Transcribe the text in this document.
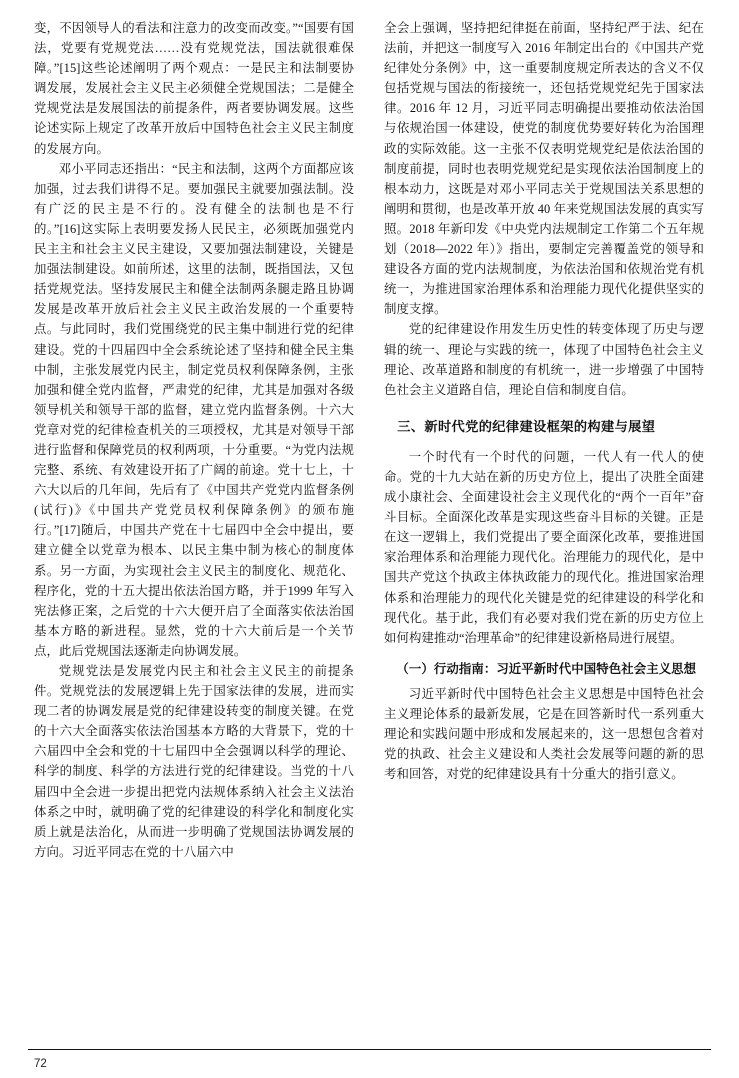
变，不因领导人的看法和注意力的改变而改变。”“国要有国法，党要有党规党法……没有党规党法，国法就很难保障。”[15]这些论述阐明了两个观点：一是民主和法制要协调发展，发展社会主义民主必须健全党规国法；二是健全党规党法是发展国法的前提条件，两者要协调发展。这些论述实际上规定了改革开放后中国特色社会主义民主制度的发展方向。

邓小平同志还指出：“民主和法制，这两个方面都应该加强，过去我们讲得不足。要加强民主就要加强法制。没有广泛的民主是不行的。没有健全的法制也是不行的。”[16]这实际上表明要发扬人民民主，必须既加强党内民主主和社会主义民主建设，又要加强法制建设，关键是加强法制建设。如前所述，这里的法制，既指国法，又包括党规党法。坚持发展民主和健全法制两条腿走路且协调发展是改革开放后社会主义民主政治发展的一个重要特点。与此同时，我们党围绕党的民主集中制进行党的纪律建设。党的十四届四中全会系统论述了坚持和健全民主集中制，主张发展党内民主，制定党员权利保障条例，主张加强和健全党内监督，严肃党的纪律，尤其是加强对各级领导机关和领导干部的监督，建立党内监督条例。十六大党章对党的纪律检查机关的三项授权，尤其是对领导干部进行监督和保障党员的权利两项，十分重要。“为党内法规完整、系统、有效建设开拓了广阔的前途。党十七上，十六大以后的几年间，先后有了《中国共产党党内监督条例(试行)》《中国共产党党员权利保障条例》的颁布施行。”[17]随后，中国共产党在十七届四中全会中提出，要建立健全以党章为根本、以民主集中制为核心的制度体系。另一方面，为实现社会主义民主的制度化、规范化、程序化，党的十五大提出依法治国方略，并于1999 年写入宪法修正案，之后党的十六大便开启了全面落实依法治国基本方略的新进程。显然，党的十六大前后是一个关节点，此后党规国法逐渐走向协调发展。

党规党法是发展党内民主和社会主义民主的前提条件。党规党法的发展逻辑上先于国家法律的发展，进而实现二者的协调发展是党的纪律建设转变的制度关键。在党的十六大全面落实依法治国基本方略的大背景下，党的十六届四中全会和党的十七届四中全会强调以科学的理论、科学的制度、科学的方法进行党的纪律建设。当党的十八届四中全会进一步提出把党内法规体系纳入社会主义法治体系之中时，就明确了党的纪律建设的科学化和制度化实质上就是法治化，从而进一步明确了党规国法协调发展的方向。习近平同志在党的十八届六中

全会上强调，坚持把纪律挺在前面，坚持纪严于法、纪在法前，并把这一制度写入 2016 年制定出台的《中国共产党纪律处分条例》中，这一重要制度规定所表达的含义不仅包括党规与国法的衔接统一，还包括党规党纪先于国家法律。2016 年 12 月，习近平同志明确提出要推动依法治国与依规治国一体建设，使党的制度优势要好转化为治国理政的实际效能。这一主张不仅表明党规党纪是依法治国的制度前提，同时也表明党规党纪是实现依法治国制度上的根本动力，这既是对邓小平同志关于党规国法关系思想的阐明和贯彻，也是改革开放 40 年来党规国法发展的真实写照。2018 年新印发《中央党内法规制定工作第二个五年规划（2018—2022 年）》指出，要制定完善覆盖党的领导和建设各方面的党内法规制度，为依法治国和依规治党有机统一，为推进国家治理体系和治理能力现代化提供坚实的制度支撑。

党的纪律建设作用发生历史性的转变体现了历史与逻辑的统一、理论与实践的统一，体现了中国特色社会主义理论、改革道路和制度的有机统一，进一步增强了中国特色社会主义道路自信，理论自信和制度自信。

三、新时代党的纪律建设框架的构建与展望

一个时代有一个时代的问题，一代人有一代人的使命。党的十九大站在新的历史方位上，提出了决胜全面建成小康社会、全面建设社会主义现代化的“两个一百年”奋斗目标。全面深化改革是实现这些奋斗目标的关键。正是在这一逻辑上，我们党提出了要全面深化改革，要推进国家治理体系和治理能力现代化。治理能力的现代化，是中国共产党这个执政主体执政能力的现代化。推进国家治理体系和治理能力的现代化关键是党的纪律建设的科学化和现代化。基于此，我们有必要对我们党在新的历史方位上如何构建推动“治理革命”的纪律建设新格局进行展望。

（一）行动指南：习近平新时代中国特色社会主义思想

习近平新时代中国特色社会主义思想是中国特色社会主义理论体系的最新发展，它是在回答新时代一系列重大理论和实践问题中形成和发展起来的，这一思想包含着对党的执政、社会主义建设和人类社会发展等问题的新的思考和回答，对党的纪律建设具有十分重大的指引意义。

72
